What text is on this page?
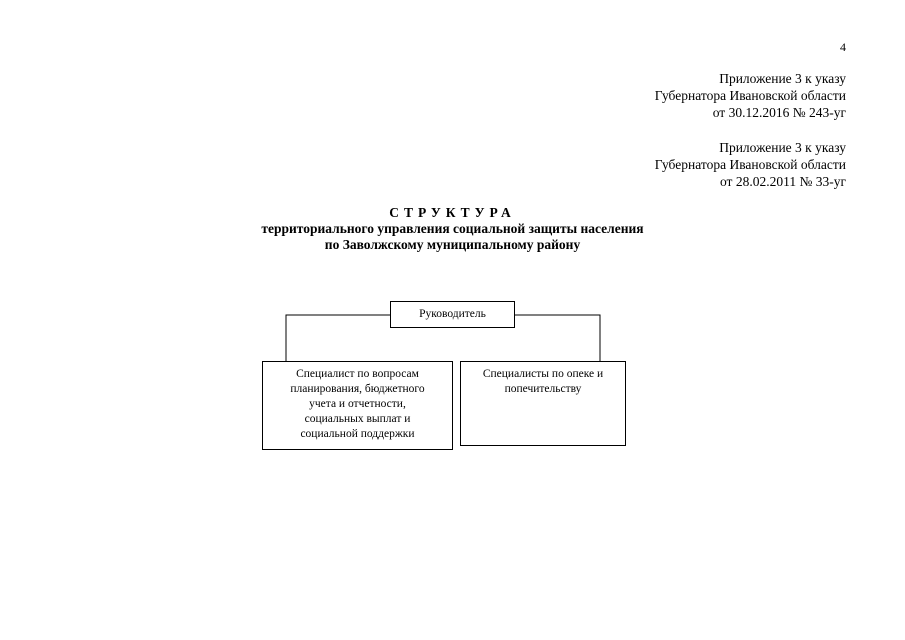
4
Приложение 3 к указу
Губернатора Ивановской области
от 30.12.2016 № 243-уг
Приложение 3 к указу
Губернатора Ивановской области
от 28.02.2011 № 33-уг
СТРУКТУРА
территориального управления социальной защиты населения
по Заволжскому муниципальному району
Руководитель
Специалист по вопросам
планирования, бюджетного
учета и отчетности,
социальных выплат и
социальной поддержки
Специалисты по опеке и
попечительству
